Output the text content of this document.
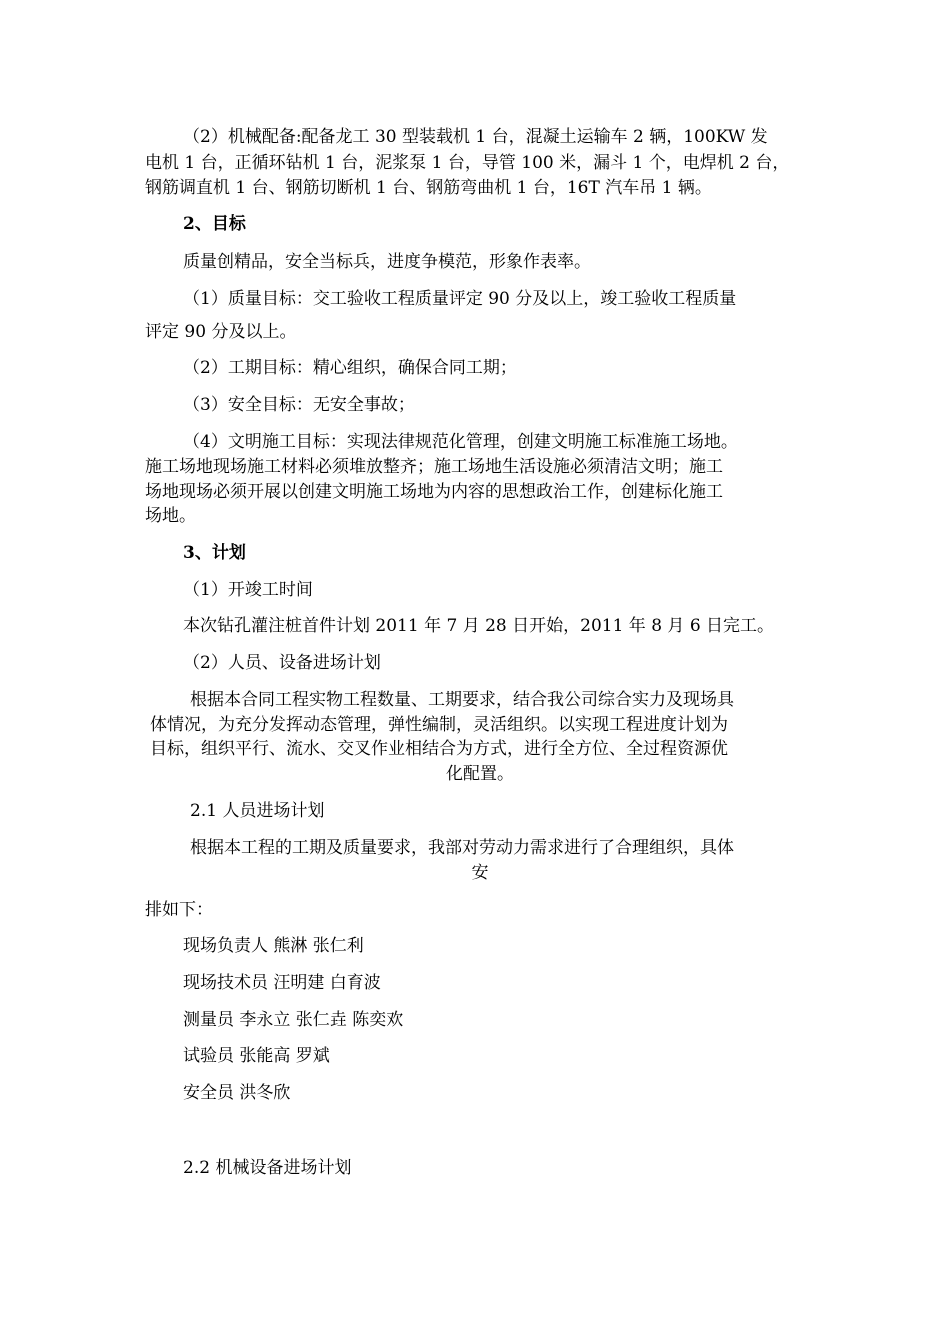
（2）机械配备:配备龙工 30 型装载机 1 台，混凝土运输车 2 辆，100KW 发
电机 1 台，正循环钻机 1 台，泥浆泵 1 台，导管 100 米，漏斗 1 个，电焊机 2 台，
钢筋调直机 1 台、钢筋切断机 1 台、钢筋弯曲机 1 台，16T 汽车吊 1 辆。
2、目标
质量创精品，安全当标兵，进度争模范，形象作表率。
（1）质量目标：交工验收工程质量评定 90 分及以上，竣工验收工程质量
评定 90 分及以上。
（2）工期目标：精心组织，确保合同工期；
（3）安全目标：无安全事故；
（4）文明施工目标：实现法律规范化管理，创建文明施工标准施工场地。
施工场地现场施工材料必须堆放整齐；施工场地生活设施必须清洁文明；施工
场地现场必须开展以创建文明施工场地为内容的思想政治工作，创建标化施工
场地。
3、计划
（1）开竣工时间
本次钻孔灌注桩首件计划 2011 年 7 月 28 日开始，2011 年 8 月 6 日完工。
（2）人员、设备进场计划
根据本合同工程实物工程数量、工期要求，结合我公司综合实力及现场具
体情况，为充分发挥动态管理，弹性编制，灵活组织。以实现工程进度计划为
目标，组织平行、流水、交叉作业相结合为方式，进行全方位、全过程资源优
化配置。
2.1 人员进场计划
根据本工程的工期及质量要求，我部对劳动力需求进行了合理组织，具体
安
排如下：
现场负责人 熊淋 张仁利
现场技术员 汪明建 白育波
测量员 李永立 张仁垚 陈奕欢
试验员 张能高 罗斌
安全员 洪冬欣
2.2 机械设备进场计划
